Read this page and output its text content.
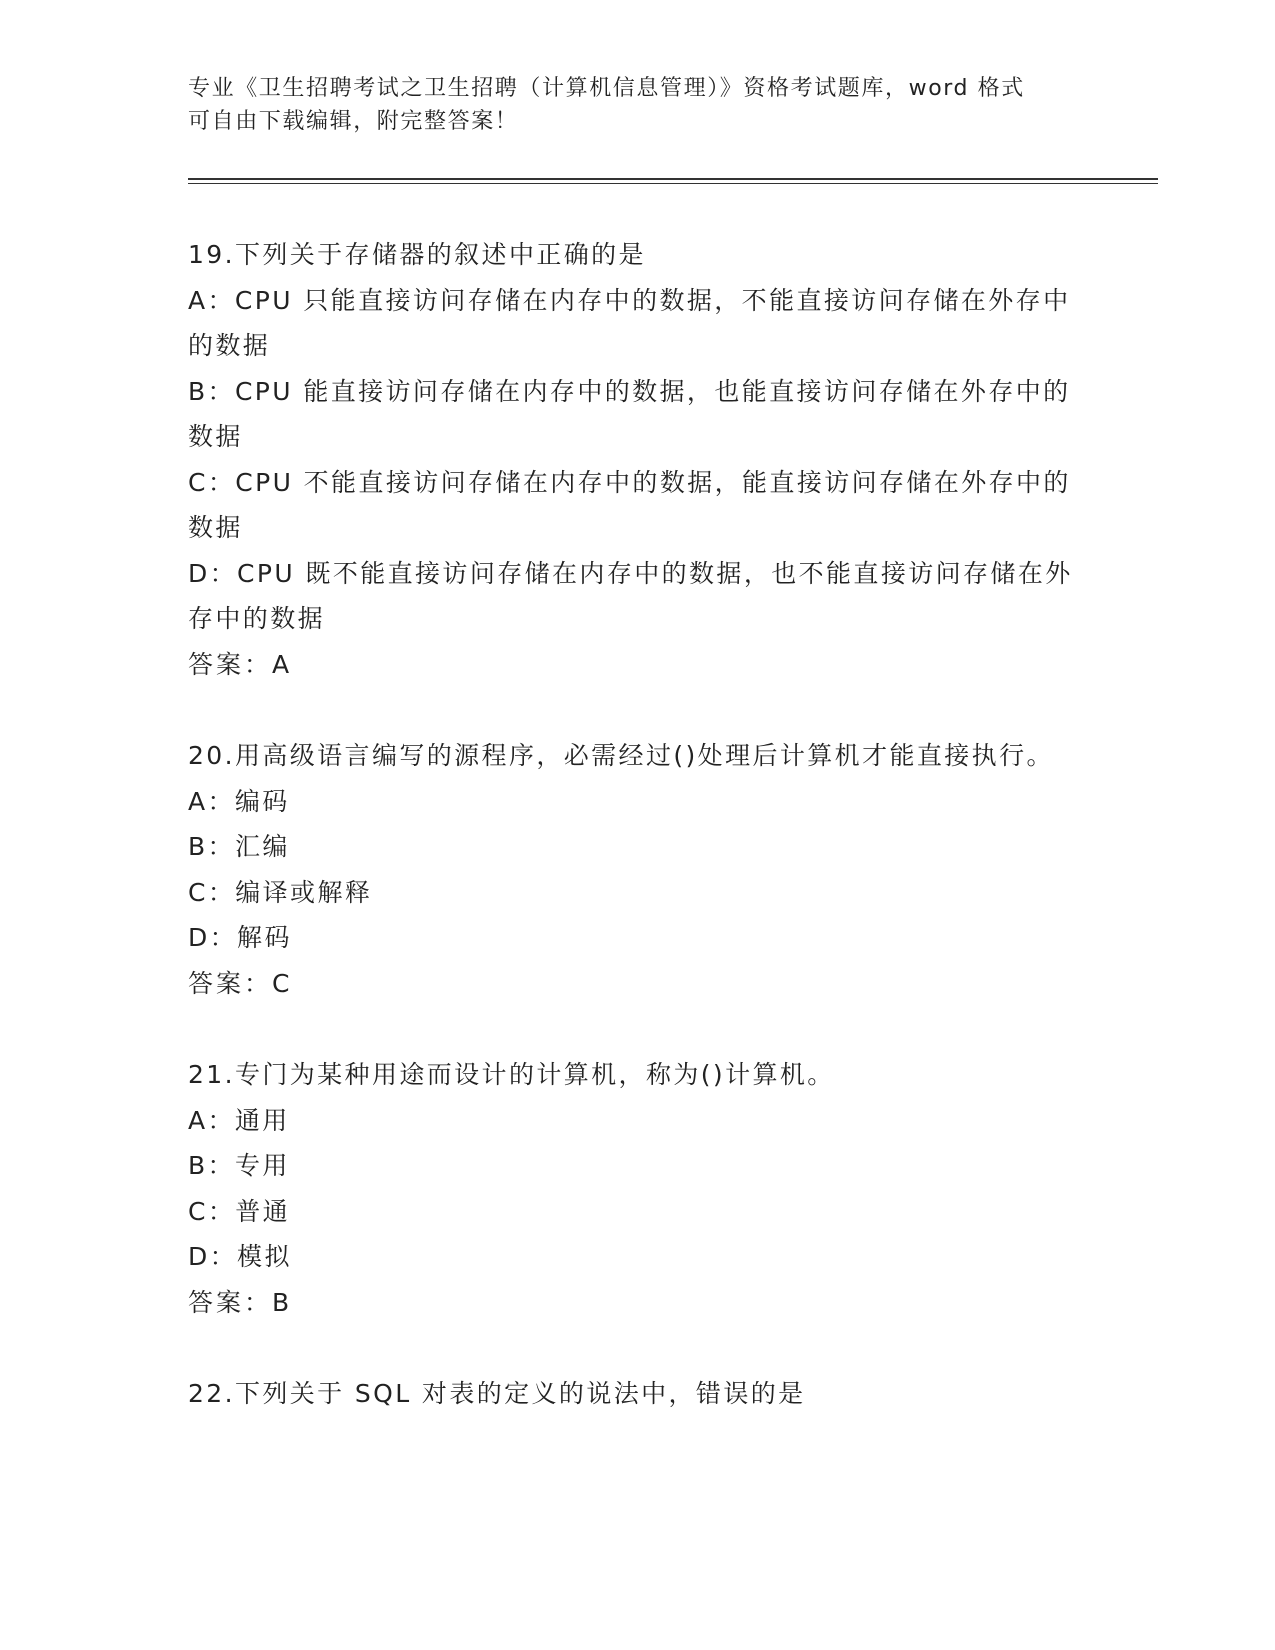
专业《卫生招聘考试之卫生招聘（计算机信息管理）》资格考试题库，word 格式
可自由下载编辑，附完整答案！
19.下列关于存储器的叙述中正确的是
A：CPU 只能直接访问存储在内存中的数据，不能直接访问存储在外存中的数据
B：CPU 能直接访问存储在内存中的数据，也能直接访问存储在外存中的数据
C：CPU 不能直接访问存储在内存中的数据，能直接访问存储在外存中的数据
D：CPU 既不能直接访问存储在内存中的数据，也不能直接访问存储在外存中的数据
答案：A
20.用高级语言编写的源程序，必需经过()处理后计算机才能直接执行。
A：编码
B：汇编
C：编译或解释
D：解码
答案：C
21.专门为某种用途而设计的计算机，称为()计算机。
A：通用
B：专用
C：普通
D：模拟
答案：B
22.下列关于 SQL 对表的定义的说法中，错误的是
